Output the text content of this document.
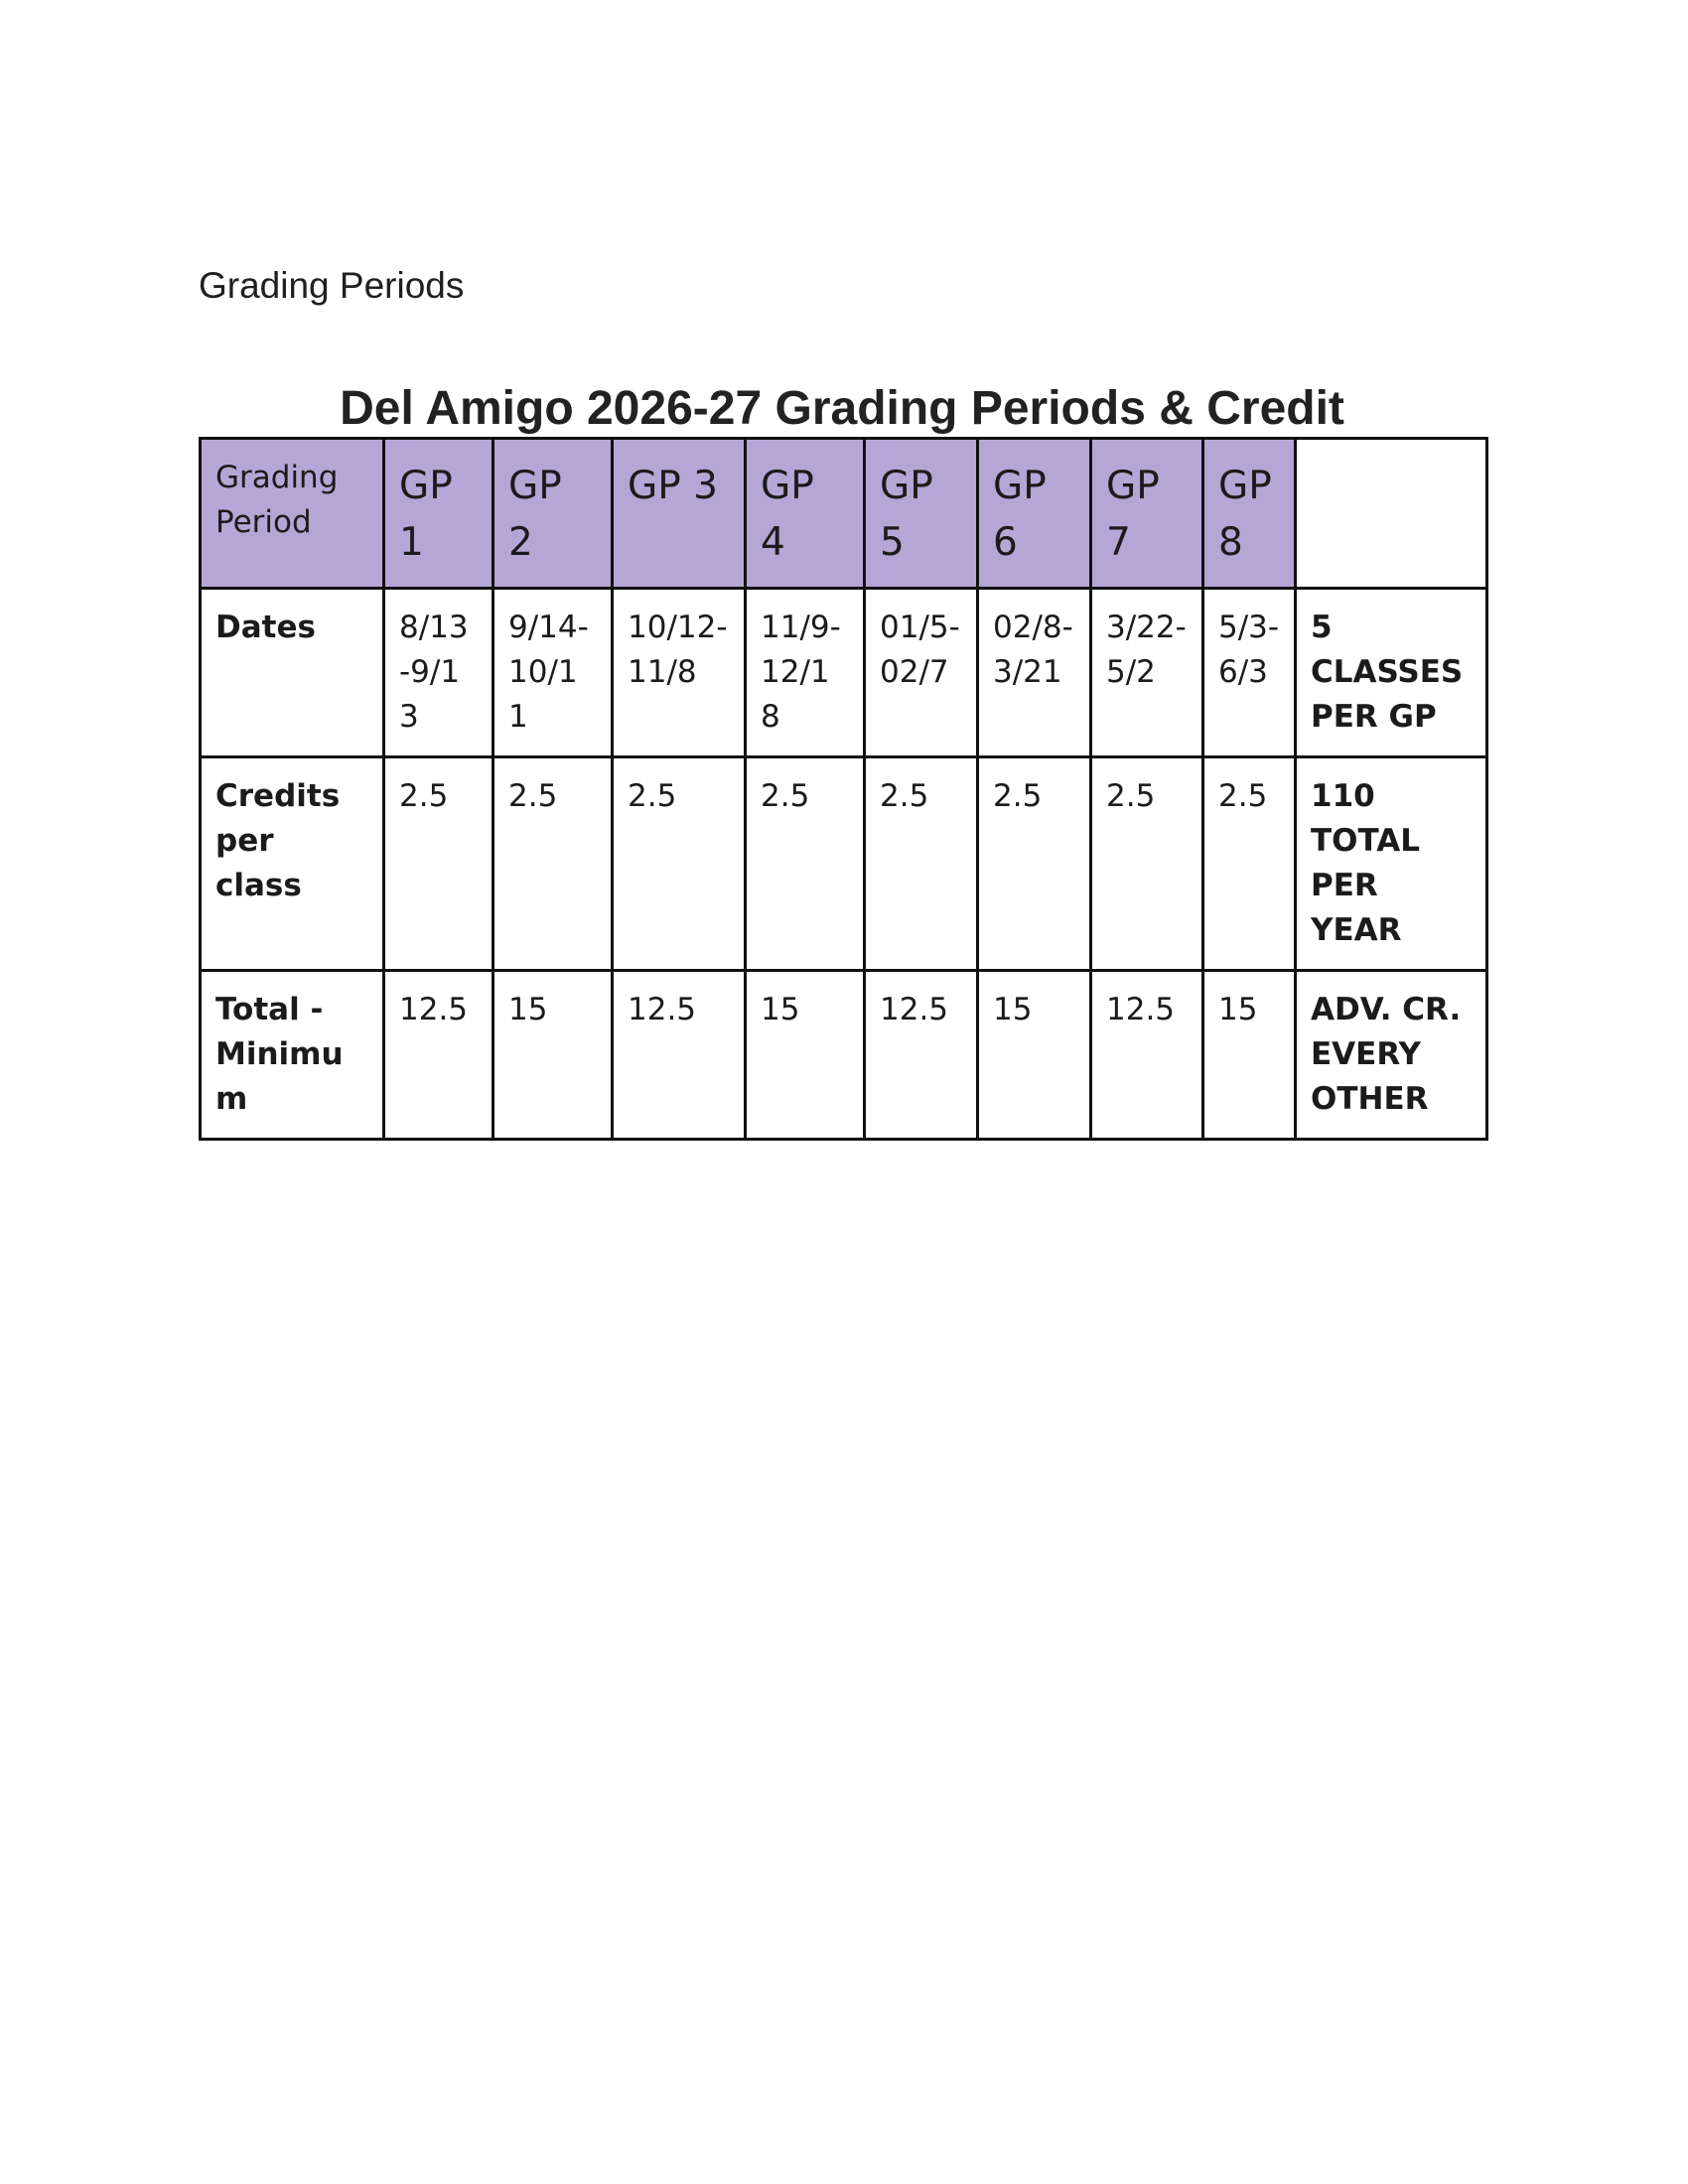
Grading Periods
Del Amigo 2026-27 Grading Periods & Credit
Grading Period	GP 1	GP 2	GP 3	GP 4	GP 5	GP 6	GP 7	GP 8	
Dates	8/13-9/13	9/14-10/11	10/12-11/8	11/9-12/18	01/5-02/7	02/8-3/21	3/22-5/2	5/3-6/3	5 CLASSES PER GP
Credits per class	2.5	2.5	2.5	2.5	2.5	2.5	2.5	2.5	110 TOTAL PER YEAR
Total - Minimum	12.5	15	12.5	15	12.5	15	12.5	15	ADV. CR. EVERY OTHER
